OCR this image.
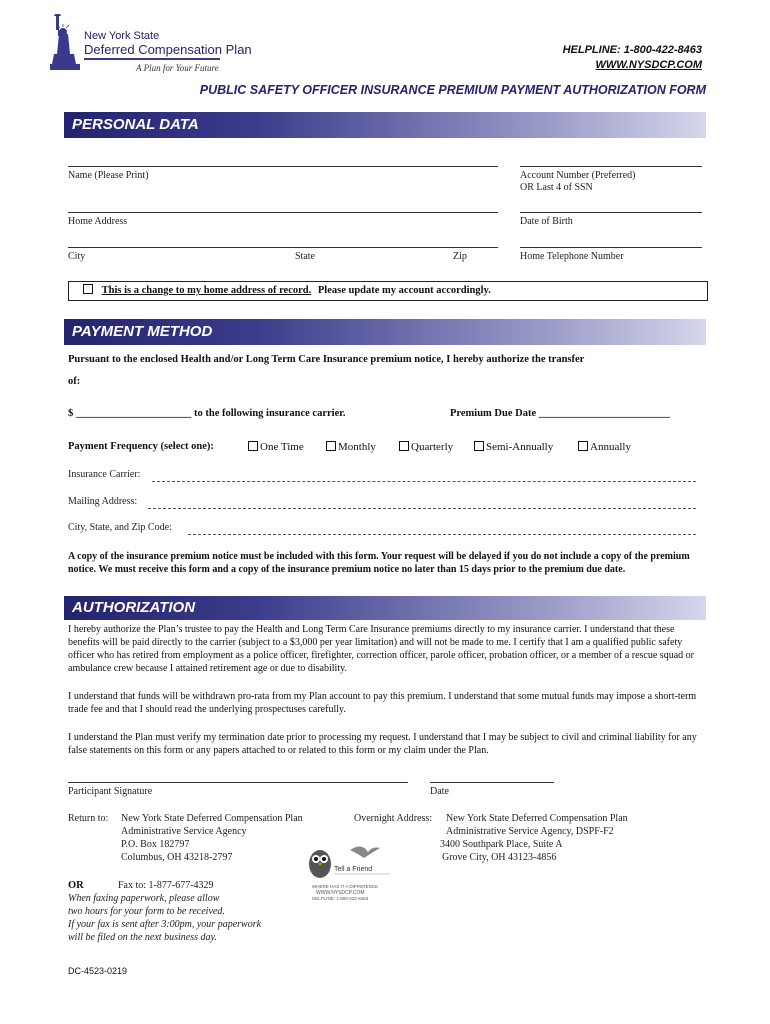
New York State
Deferred Compensation Plan
A Plan for Your Future
HELPLINE: 1-800-422-8463
WWW.NYSDCP.COM
PUBLIC SAFETY OFFICER INSURANCE PREMIUM PAYMENT AUTHORIZATION FORM
PERSONAL DATA
Name (Please Print)	Account Number (Preferred)
OR Last 4 of SSN
Home Address	Date of Birth
City	State	Zip	Home Telephone Number
This is a change to my home address of record. Please update my account accordingly.
PAYMENT METHOD
Pursuant to the enclosed Health and/or Long Term Care Insurance premium notice, I hereby authorize the transfer
of:
$ ______________________ to the following insurance carrier.	Premium Due Date _________________________
Payment Frequency (select one):	One Time	Monthly	Quarterly	Semi-Annually	Annually
Insurance Carrier:
Mailing Address:
City, State, and Zip Code:
A copy of the insurance premium notice must be included with this form. Your request will be delayed if you do not include a copy of the premium notice. We must receive this form and a copy of the insurance premium notice no later than 15 days prior to the premium due date.
AUTHORIZATION
I hereby authorize the Plan’s trustee to pay the Health and Long Term Care Insurance premiums directly to my insurance carrier. I understand that these benefits will be paid directly to the carrier (subject to a $3,000 per year limitation) and will not be made to me. I certify that I am a qualified public safety officer who has retired from employment as a police officer, firefighter, correction officer, parole officer, probation officer, or a member of a rescue squad or ambulance crew because I attained retirement age or due to disability.
I understand that funds will be withdrawn pro-rata from my Plan account to pay this premium. I understand that some mutual funds may impose a short-term trade fee and that I should read the underlying prospectuses carefully.
I understand the Plan must verify my termination date prior to processing my request. I understand that I may be subject to civil and criminal liability for any false statements on this form or any papers attached to or related to this form or my claim under the Plan.
Participant Signature	Date
Return to: New York State Deferred Compensation Plan
Administrative Service Agency
P.O. Box 182797
Columbus, OH 43218-2797
Overnight Address: New York State Deferred Compensation Plan
Administrative Service Agency, DSPF-F2
3400 Southpark Place, Suite A
Grove City, OH 43123-4856
Tell a Friend
WHERE HAS IT A DIFFERENCE
WWW.NYSDCP.COM
HELPLINE: 1-800-422-8463
OR	Fax to: 1-877-677-4329
When faxing paperwork, please allow
two hours for your form to be received.
If your fax is sent after 3:00pm, your paperwork
will be filed on the next business day.
DC-4523-0219
